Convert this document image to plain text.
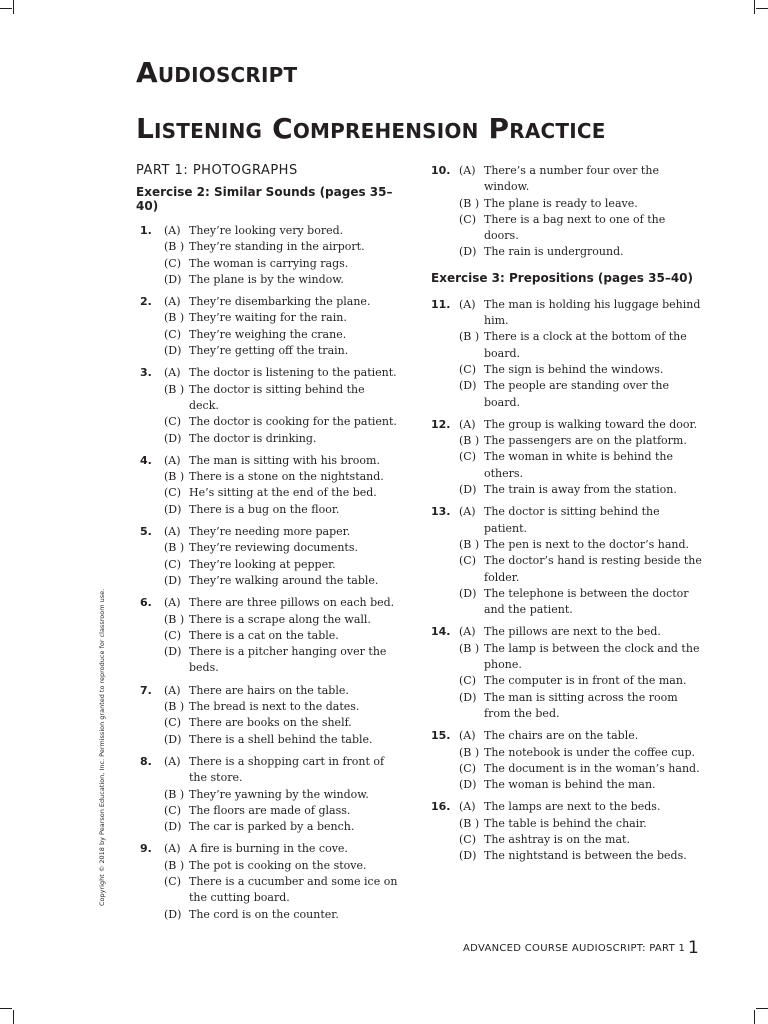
Audioscript
Listening Comprehension Practice
PART 1: PHOTOGRAPHS
Exercise 2: Similar Sounds (pages 35–40)
1.	(A) They’re looking very bored.
(B ) They’re standing in the airport.
(C) The woman is carrying rags.
(D) The plane is by the window.
2.	(A) They’re disembarking the plane.
(B ) They’re waiting for the rain.
(C) They’re weighing the crane.
(D) They’re getting off the train.
3.	(A) The doctor is listening to the patient.
(B ) The doctor is sitting behind the deck.
(C) The doctor is cooking for the patient.
(D) The doctor is drinking.
4.	(A) The man is sitting with his broom.
(B ) There is a stone on the nightstand.
(C) He’s sitting at the end of the bed.
(D) There is a bug on the floor.
5.	(A) They’re needing more paper.
(B ) They’re reviewing documents.
(C) They’re looking at pepper.
(D) They’re walking around the table.
6.	(A) There are three pillows on each bed.
(B ) There is a scrape along the wall.
(C) There is a cat on the table.
(D) There is a pitcher hanging over the beds.
7.	(A) There are hairs on the table.
(B ) The bread is next to the dates.
(C) There are books on the shelf.
(D) There is a shell behind the table.
8.	(A) There is a shopping cart in front of the store.
(B ) They’re yawning by the window.
(C) The floors are made of glass.
(D) The car is parked by a bench.
9.	(A) A fire is burning in the cove.
(B ) The pot is cooking on the stove.
(C) There is a cucumber and some ice on the cutting board.
(D) The cord is on the counter.
10. (A) There’s a number four over the window.
(B ) The plane is ready to leave.
(C) There is a bag next to one of the doors.
(D) The rain is underground.
Exercise 3: Prepositions (pages 35–40)
11. (A) The man is holding his luggage behind him.
(B ) There is a clock at the bottom of the board.
(C) The sign is behind the windows.
(D) The people are standing over the board.
12. (A) The group is walking toward the door.
(B ) The passengers are on the platform.
(C) The woman in white is behind the others.
(D) The train is away from the station.
13. (A) The doctor is sitting behind the patient.
(B ) The pen is next to the doctor’s hand.
(C) The doctor’s hand is resting beside the folder.
(D) The telephone is between the doctor and the patient.
14. (A) The pillows are next to the bed.
(B ) The lamp is between the clock and the phone.
(C) The computer is in front of the man.
(D) The man is sitting across the room from the bed.
15. (A) The chairs are on the table.
(B ) The notebook is under the coffee cup.
(C) The document is in the woman’s hand.
(D) The woman is behind the man.
16. (A) The lamps are next to the beds.
(B ) The table is behind the chair.
(C) The ashtray is on the mat.
(D) The nightstand is between the beds.
Copyright © 2018 by Pearson Education, Inc. Permission granted to reproduce for classroom use.
ADVANCED COURSE AUDIOSCRIPT: PART 1 1
